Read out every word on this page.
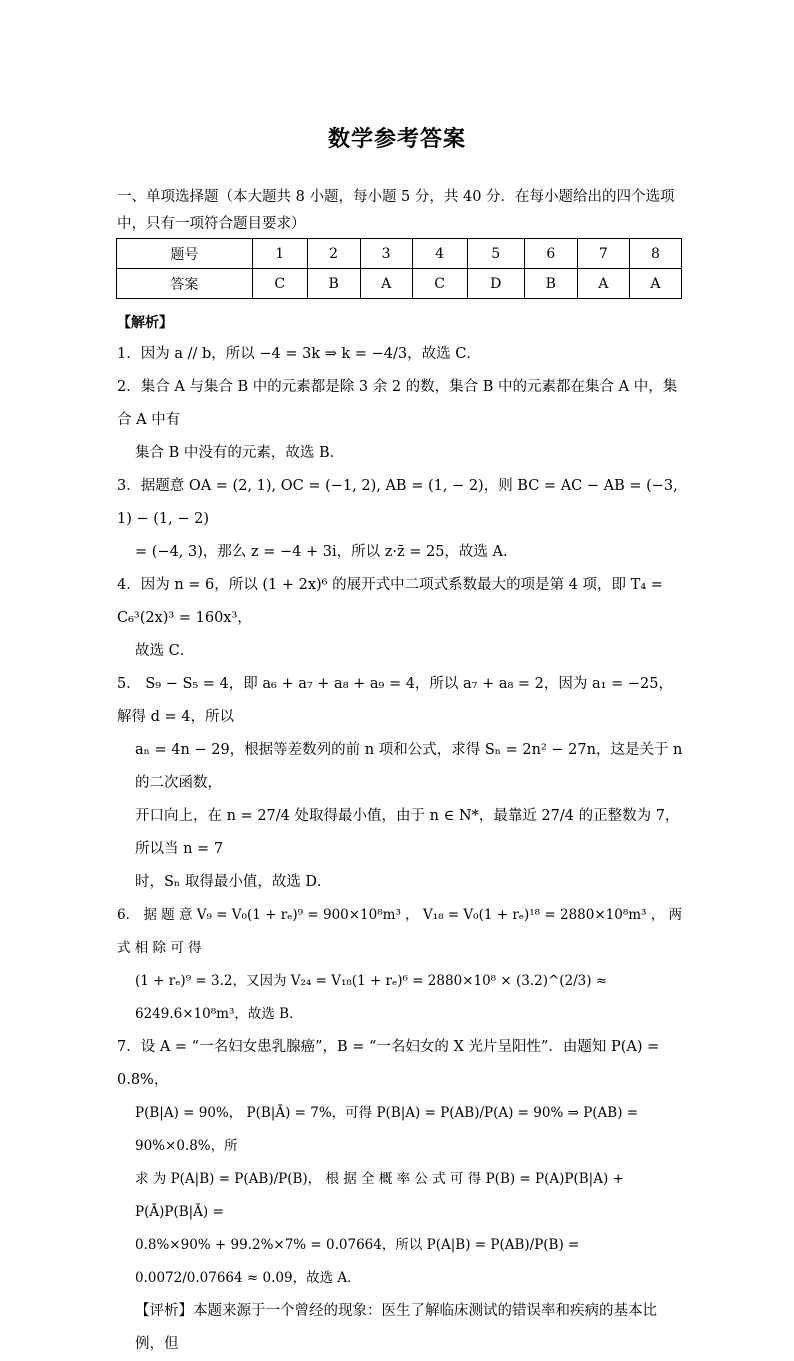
数学参考答案
一、单项选择题（本大题共 8 小题，每小题 5 分，共 40 分．在每小题给出的四个选项中，只有一项符合题目要求）
题号	1	2	3	4	5	6	7	8
答案	C	B	A	C	D	B	A	A
【解析】
1．因为 a // b，所以 −4 = 3k ⇒ k = −4/3，故选 C．
2．集合 A 与集合 B 中的元素都是除 3 余 2 的数，集合 B 中的元素都在集合 A 中，集合 A 中有
集合 B 中没有的元素，故选 B．
3．据题意 OA = (2, 1), OC = (−1, 2), AB = (1, − 2)，则 BC = AC − AB = (−3, 1) − (1, − 2)
= (−4, 3)，那么 z = −4 + 3i，所以 z·z̄ = 25，故选 A．
4．因为 n = 6，所以 (1 + 2x)⁶ 的展开式中二项式系数最大的项是第 4 项，即 T₄ = C₆³(2x)³ = 160x³，
故选 C．
5． S₉ − S₅ = 4，即 a₆ + a₇ + a₈ + a₉ = 4，所以 a₇ + a₈ = 2，因为 a₁ = −25，解得 d = 4，所以
aₙ = 4n − 29，根据等差数列的前 n 项和公式，求得 Sₙ = 2n² − 27n，这是关于 n 的二次函数，
开口向上，在 n = 27/4 处取得最小值，由于 n ∈ N*，最靠近 27/4 的正整数为 7，所以当 n = 7
时，Sₙ 取得最小值，故选 D．
6． 据 题 意 V₉ = V₀(1 + rₑ)⁹ = 900×10⁸m³ ， V₁₈ = V₀(1 + rₑ)¹⁸ = 2880×10⁸m³ ， 两 式 相 除 可 得
(1 + rₑ)⁹ = 3.2，又因为 V₂₄ = V₁₈(1 + rₑ)⁶ = 2880×10⁸ × (3.2)^(2/3) ≈ 6249.6×10⁸m³，故选 B．
7．设 A = “一名妇女患乳腺癌”，B = “一名妇女的 X 光片呈阳性”．由题知 P(A) = 0.8%，
P(B|A) = 90%， P(B|Ā) = 7%，可得 P(B|A) = P(AB)/P(A) = 90% ⇒ P(AB) = 90%×0.8%，所
求 为 P(A|B) = P(AB)/P(B)， 根 据 全 概 率 公 式 可 得 P(B) = P(A)P(B|A) + P(Ā)P(B|Ā) =
0.8%×90% + 99.2%×7% = 0.07664，所以 P(A|B) = P(AB)/P(B) = 0.0072/0.07664 ≈ 0.09，故选 A．
【评析】本题来源于一个曾经的现象：医生了解临床测试的错误率和疾病的基本比例，但
